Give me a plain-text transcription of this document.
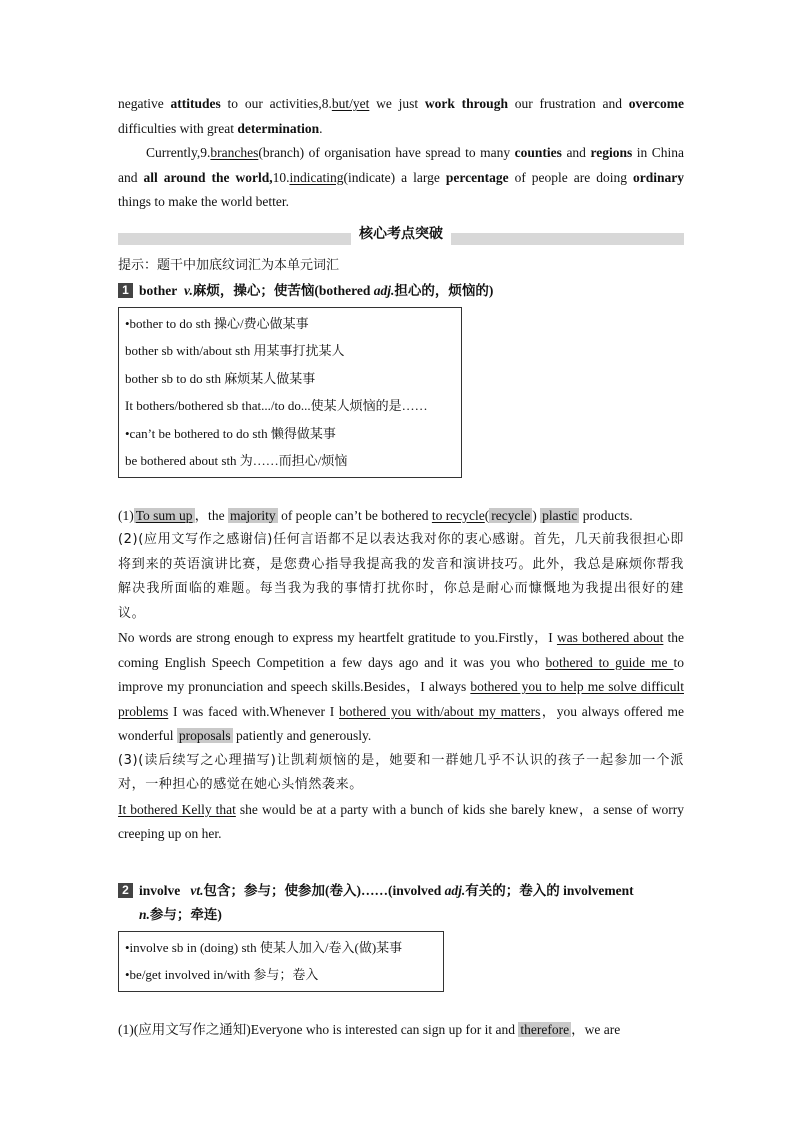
negative attitudes to our activities,8.but/yet we just work through our frustration and overcome difficulties with great determination.

Currently,9.branches(branch) of organisation have spread to many counties and regions in China and all around the world,10.indicating(indicate) a large percentage of people are doing ordinary things to make the world better.

核心考点突破
提示：题干中加底纹词汇为本单元词汇
1 bother v.麻烦，操心；使苦恼(bothered adj.担心的，烦恼的)
•bother to do sth 操心/费心做某事
bother sb with/about sth 用某事打扰某人
bother sb to do sth 麻烦某人做某事
It bothers/bothered sb that.../to do...使某人烦恼的是……
•can’t be bothered to do sth 懒得做某事
be bothered about sth 为……而担心/烦恼

(1) To sum up ，the majority of people can’t be bothered to recycle( recycle ) plastic products.

(2)(应用文写作之感谢信)任何言语都不足以表达我对你的衷心感谢。首先，几天前我很担心即将到来的英语演讲比赛，是您费心指导我提高我的发音和演讲技巧。此外，我总是麻烦你帮我解决我所面临的难题。每当我为我的事情打扰你时，你总是耐心而慷慨地为我提出很好的建议。

No words are strong enough to express my heartfelt gratitude to you.Firstly，I was bothered about the coming English Speech Competition a few days ago and it was you who bothered to guide me to improve my pronunciation and speech skills.Besides，I always bothered you to help me solve difficult problems I was faced with.Whenever I bothered you with/about my matters，you always offered me wonderful proposals patiently and generously.

(3)(读后续写之心理描写)让凯莉烦恼的是，她要和一群她几乎不认识的孩子一起参加一个派对，一种担心的感觉在她心头悄然袭来。

It bothered Kelly that she would be at a party with a bunch of kids she barely knew，a sense of worry creeping up on her.

2 involve vt.包含；参与；使参加(卷入)……(involved adj.有关的；卷入的 involvement
n.参与；牵连)
•involve sb in (doing) sth 使某人加入/卷入(做)某事
•be/get involved in/with 参与；卷入

(1)(应用文写作之通知)Everyone who is interested can sign up for it and therefore ，we are
